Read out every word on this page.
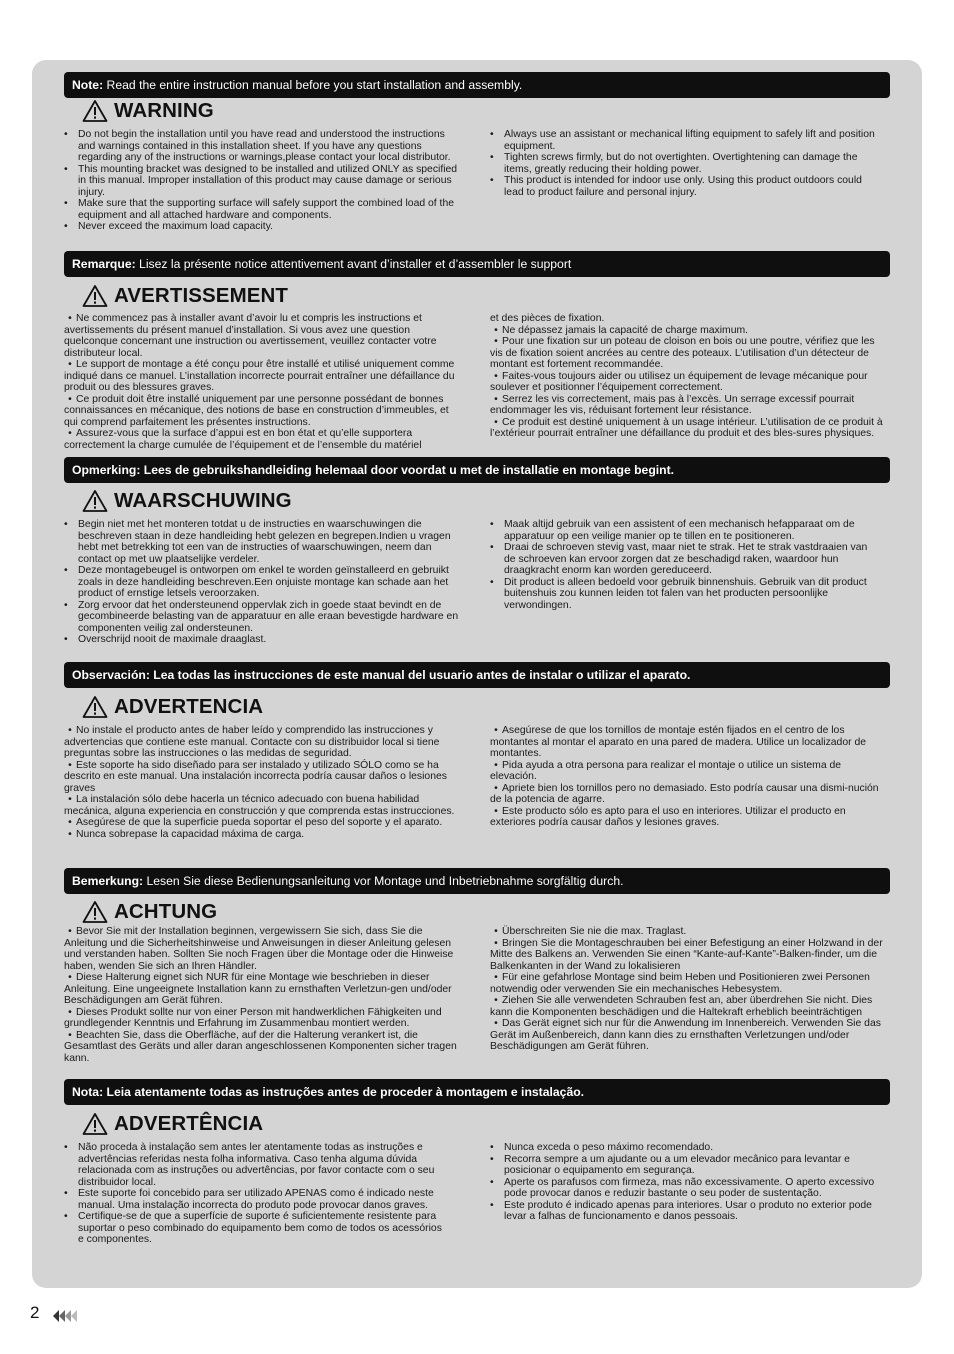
Note: Read the entire instruction manual before you start installation and assembly.
WARNING
• Do not begin the installation until you have read and understood the instructions and warnings contained in this installation sheet. If you have any questions regarding any of the instructions or warnings,please contact your local distributor.
• This mounting bracket was designed to be installed and utilized ONLY as specified in this manual. Improper installation of this product may cause damage or serious injury.
• Make sure that the supporting surface will safely support the combined load of the equipment and all attached hardware and components.
• Never exceed the maximum load capacity.
• Always use an assistant or mechanical lifting equipment to safely lift and position equipment.
• Tighten screws firmly, but do not overtighten. Overtightening can damage the items, greatly reducing their holding power.
• This product is intended for indoor use only. Using this product outdoors could lead to product failure and personal injury.
Remarque: Lisez la présente notice attentivement avant d’installer et d’assembler le support
AVERTISSEMENT
• Ne commencez pas à installer avant d’avoir lu et compris les instructions et avertissements du présent manuel d’installation. Si vous avez une question quelconque concernant une instruction ou avertissement, veuillez contacter votre distributeur local.
• Le support de montage a été conçu pour être installé et utilisé uniquement comme indiqué dans ce manuel. L’installation incorrecte pourrait entraîner une défaillance du produit ou des blessures graves.
• Ce produit doit être installé uniquement par une personne possédant de bonnes connaissances en mécanique, des notions de base en construction d’immeubles, et qui comprend parfaitement les présentes instructions.
• Assurez-vous que la surface d’appui est en bon état et qu’elle supportera correctement la charge cumulée de l’équipement et de l’ensemble du matériel
et des pièces de fixation.
• Ne dépassez jamais la capacité de charge maximum.
• Pour une fixation sur un poteau de cloison en bois ou une poutre, vérifiez que les vis de fixation soient ancrées au centre des poteaux. L’utilisation d’un détecteur de montant est fortement recommandée.
• Faites-vous toujours aider ou utilisez un équipement de levage mécanique pour soulever et positionner l’équipement correctement.
• Serrez les vis correctement, mais pas à l’excès. Un serrage excessif pourrait endommager les vis, réduisant fortement leur résistance.
• Ce produit est destiné uniquement à un usage intérieur. L’utilisation de ce produit à l’extérieur pourrait entraîner une défaillance du produit et des bles-sures physiques.
Opmerking: Lees de gebruikshandleiding helemaal door voordat u met de installatie en montage begint.
WAARSCHUWING
• Begin niet met het monteren totdat u de instructies en waarschuwingen die beschreven staan in deze handleiding hebt gelezen en begrepen.Indien u vragen hebt met betrekking tot een van de instructies of waarschuwingen, neem dan contact op met uw plaatselijke verdeler.
• Deze montagebeugel is ontworpen om enkel te worden geïnstalleerd en gebruikt zoals in deze handleiding beschreven.Een onjuiste montage kan schade aan het product of ernstige letsels veroorzaken.
• Zorg ervoor dat het ondersteunend oppervlak zich in goede staat bevindt en de gecombineerde belasting van de apparatuur en alle eraan bevestigde hardware en componenten veilig zal ondersteunen.
• Overschrijd nooit de maximale draaglast.
• Maak altijd gebruik van een assistent of een mechanisch hefapparaat om de apparatuur op een veilige manier op te tillen en te positioneren.
• Draai de schroeven stevig vast, maar niet te strak. Het te strak vastdraaien van de schroeven kan ervoor zorgen dat ze beschadigd raken, waardoor hun draagkracht enorm kan worden gereduceerd.
• Dit product is alleen bedoeld voor gebruik binnenshuis. Gebruik van dit product buitenshuis zou kunnen leiden tot falen van het producten persoonlijke verwondingen.
Observación: Lea todas las instrucciones de este manual del usuario antes de instalar o utilizar el aparato.
ADVERTENCIA
• No instale el producto antes de haber leído y comprendido las instrucciones y advertencias que contiene este manual. Contacte con su distribuidor local si tiene preguntas sobre las instrucciones o las medidas de seguridad.
• Este soporte ha sido diseñado para ser instalado y utilizado SÓLO como se ha descrito en este manual. Una instalación incorrecta podría causar daños o lesiones graves
• La instalación sólo debe hacerla un técnico adecuado con buena habilidad mecánica, alguna experiencia en construcción y que comprenda estas instrucciones.
• Asegúrese de que la superficie pueda soportar el peso del soporte y el aparato.
• Nunca sobrepase la capacidad máxima de carga.
• Asegúrese de que los tornillos de montaje estén fijados en el centro de los montantes al montar el aparato en una pared de madera. Utilice un localizador de montantes.
• Pida ayuda a otra persona para realizar el montaje o utilice un sistema de elevación.
• Apriete bien los tornillos pero no demasiado. Esto podría causar una dismi-nución de la potencia de agarre.
• Este producto sólo es apto para el uso en interiores. Utilizar el producto en exteriores podría causar daños y lesiones graves.
Bemerkung: Lesen Sie diese Bedienungsanleitung vor Montage und Inbetriebnahme sorgfältig durch.
ACHTUNG
• Bevor Sie mit der Installation beginnen, vergewissern Sie sich, dass Sie die Anleitung und die Sicherheitshinweise und Anweisungen in dieser Anleitung gelesen und verstanden haben. Sollten Sie noch Fragen über die Montage oder die Hinweise haben, wenden Sie sich an Ihren Händler.
• Diese Halterung eignet sich NUR für eine Montage wie beschrieben in dieser Anleitung. Eine ungeeignete Installation kann zu ernsthaften Verletzun-gen und/oder Beschädigungen am Gerät führen.
• Dieses Produkt sollte nur von einer Person mit handwerklichen Fähigkeiten und grundlegender Kenntnis und Erfahrung im Zusammenbau montiert werden.
• Beachten Sie, dass die Oberfläche, auf der die Halterung verankert ist, die Gesamtlast des Geräts und aller daran angeschlossenen Komponenten sicher tragen kann.
• Überschreiten Sie nie die max. Traglast.
• Bringen Sie die Montageschrauben bei einer Befestigung an einer Holzwand in der Mitte des Balkens an. Verwenden Sie einen “Kante-auf-Kante”-Balken-finder, um die Balkenkanten in der Wand zu lokalisieren
• Für eine gefahrlose Montage sind beim Heben und Positionieren zwei Personen notwendig oder verwenden Sie ein mechanisches Hebesystem.
• Ziehen Sie alle verwendeten Schrauben fest an, aber überdrehen Sie nicht. Dies kann die Komponenten beschädigen und die Haltekraft erheblich beeinträchtigen
• Das Gerät eignet sich nur für die Anwendung im Innenbereich. Verwenden Sie das Gerät im Außenbereich, dann kann dies zu ernsthaften Verletzungen und/oder Beschädigungen am Gerät führen.
Nota: Leia atentamente todas as instruções antes de proceder à montagem e instalação.
ADVERTÊNCIA
• Não proceda à instalação sem antes ler atentamente todas as instruções e advertências referidas nesta folha informativa. Caso tenha alguma dúvida relacionada com as instruções ou advertências, por favor contacte com o seu distribuidor local.
• Este suporte foi concebido para ser utilizado APENAS como é indicado neste manual. Uma instalação incorrecta do produto pode provocar danos graves.
• Certifique-se de que a superfície de suporte é suficientemente resistente para suportar o peso combinado do equipamento bem como de todos os acessórios e componentes.
• Nunca exceda o peso máximo recomendado.
• Recorra sempre a um ajudante ou a um elevador mecânico para levantar e posicionar o equipamento em segurança.
• Aperte os parafusos com firmeza, mas não excessivamente. O aperto excessivo pode provocar danos e reduzir bastante o seu poder de sustentação.
• Este produto é indicado apenas para interiores. Usar o produto no exterior pode levar a falhas de funcionamento e danos pessoais.
2
